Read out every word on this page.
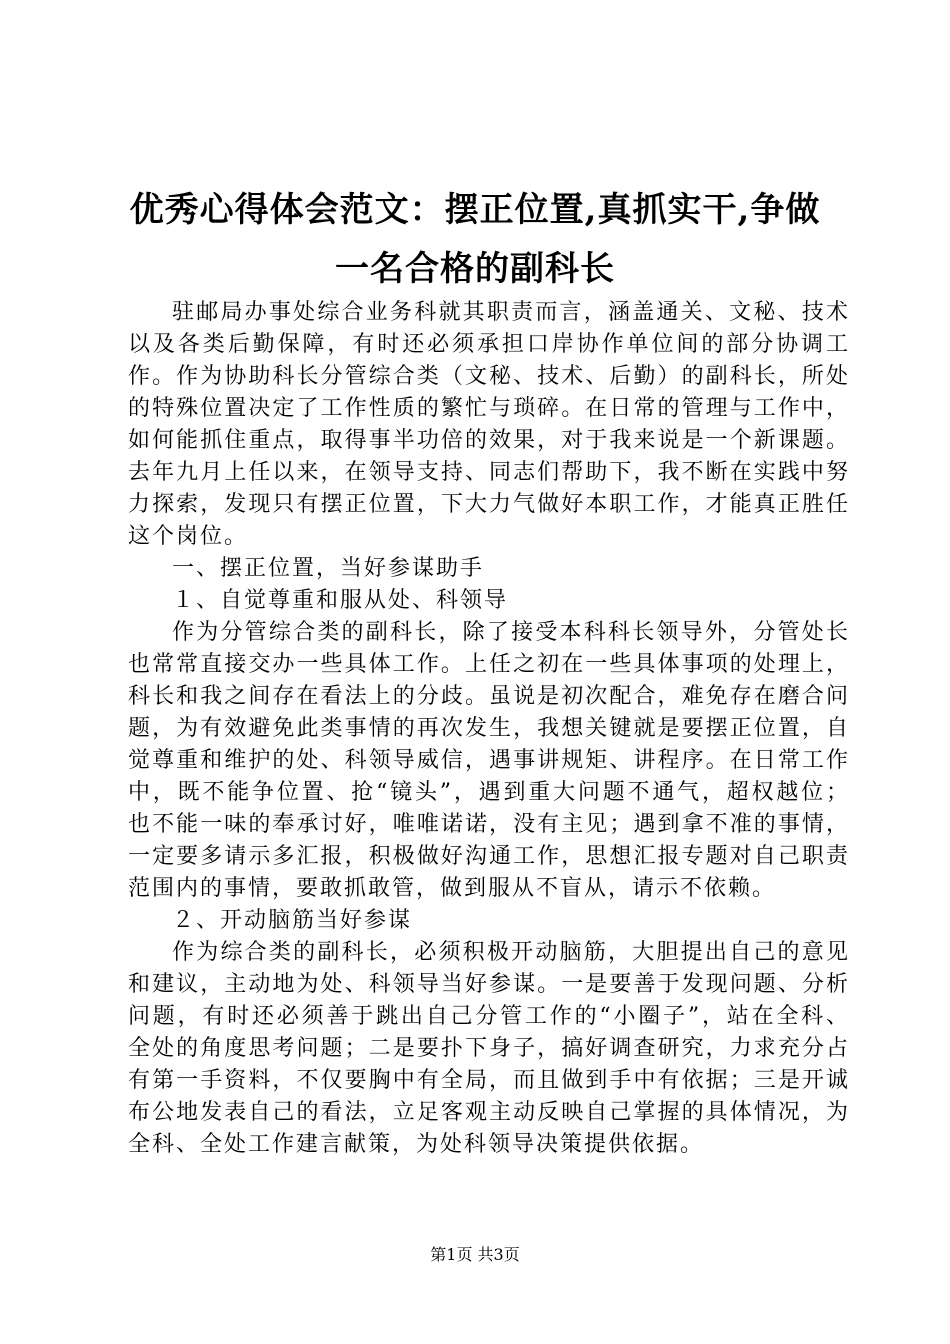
优秀心得体会范文：摆正位置,真抓实干,争做
一名合格的副科长

驻邮局办事处综合业务科就其职责而言，涵盖通关、文秘、技术以及各类后勤保障，有时还必须承担口岸协作单位间的部分协调工作。作为协助科长分管综合类（文秘、技术、后勤）的副科长，所处的特殊位置决定了工作性质的繁忙与琐碎。在日常的管理与工作中，如何能抓住重点，取得事半功倍的效果，对于我来说是一个新课题。去年九月上任以来，在领导支持、同志们帮助下，我不断在实践中努力探索，发现只有摆正位置，下大力气做好本职工作，才能真正胜任这个岗位。

一、摆正位置，当好参谋助手

１、自觉尊重和服从处、科领导

作为分管综合类的副科长，除了接受本科科长领导外，分管处长也常常直接交办一些具体工作。上任之初在一些具体事项的处理上，科长和我之间存在看法上的分歧。虽说是初次配合，难免存在磨合问题，为有效避免此类事情的再次发生，我想关键就是要摆正位置，自觉尊重和维护的处、科领导威信，遇事讲规矩、讲程序。在日常工作中，既不能争位置、抢“镜头”，遇到重大问题不通气，超权越位；也不能一味的奉承讨好，唯唯诺诺，没有主见；遇到拿不准的事情，一定要多请示多汇报，积极做好沟通工作，思想汇报专题对自己职责范围内的事情，要敢抓敢管，做到服从不盲从，请示不依赖。

２、开动脑筋当好参谋

作为综合类的副科长，必须积极开动脑筋，大胆提出自己的意见和建议，主动地为处、科领导当好参谋。一是要善于发现问题、分析问题，有时还必须善于跳出自己分管工作的“小圈子”，站在全科、全处的角度思考问题；二是要扑下身子，搞好调查研究，力求充分占有第一手资料，不仅要胸中有全局，而且做到手中有依据；三是开诚布公地发表自己的看法，立足客观主动反映自己掌握的具体情况，为全科、全处工作建言献策，为处科领导决策提供依据。

第1页 共3页
